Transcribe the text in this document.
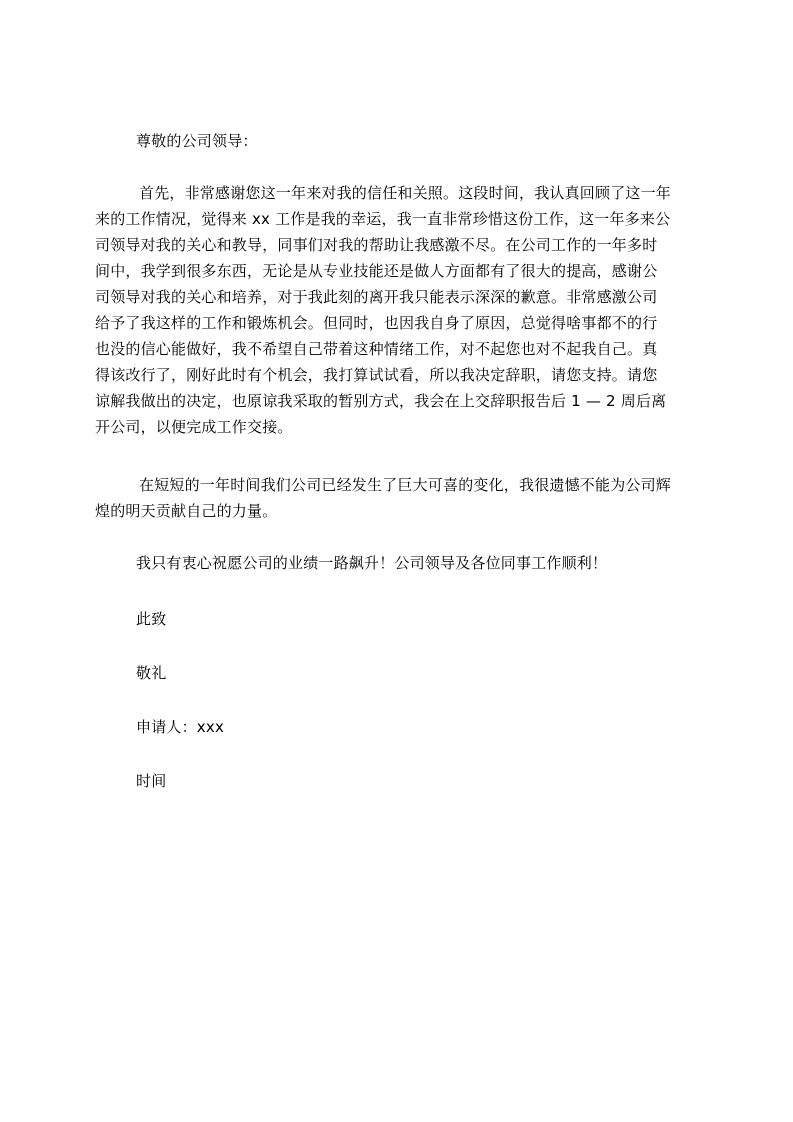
尊敬的公司领导：
首先，非常感谢您这一年来对我的信任和关照。这段时间，我认真回顾了这一年
来的工作情况，觉得来 xx 工作是我的幸运，我一直非常珍惜这份工作，这一年多来公
司领导对我的关心和教导，同事们对我的帮助让我感激不尽。在公司工作的一年多时
间中，我学到很多东西，无论是从专业技能还是做人方面都有了很大的提高，感谢公
司领导对我的关心和培养，对于我此刻的离开我只能表示深深的歉意。非常感激公司
给予了我这样的工作和锻炼机会。但同时，也因我自身了原因，总觉得啥事都不的行
也没的信心能做好，我不希望自己带着这种情绪工作，对不起您也对不起我自己。真
得该改行了，刚好此时有个机会，我打算试试看，所以我决定辞职，请您支持。请您
谅解我做出的决定，也原谅我采取的暂别方式，我会在上交辞职报告后 1 — 2 周后离
开公司，以便完成工作交接。
在短短的一年时间我们公司已经发生了巨大可喜的变化，我很遗憾不能为公司辉
煌的明天贡献自己的力量。
我只有衷心祝愿公司的业绩一路飙升！公司领导及各位同事工作顺利！
此致
敬礼
申请人：xxx
时间
